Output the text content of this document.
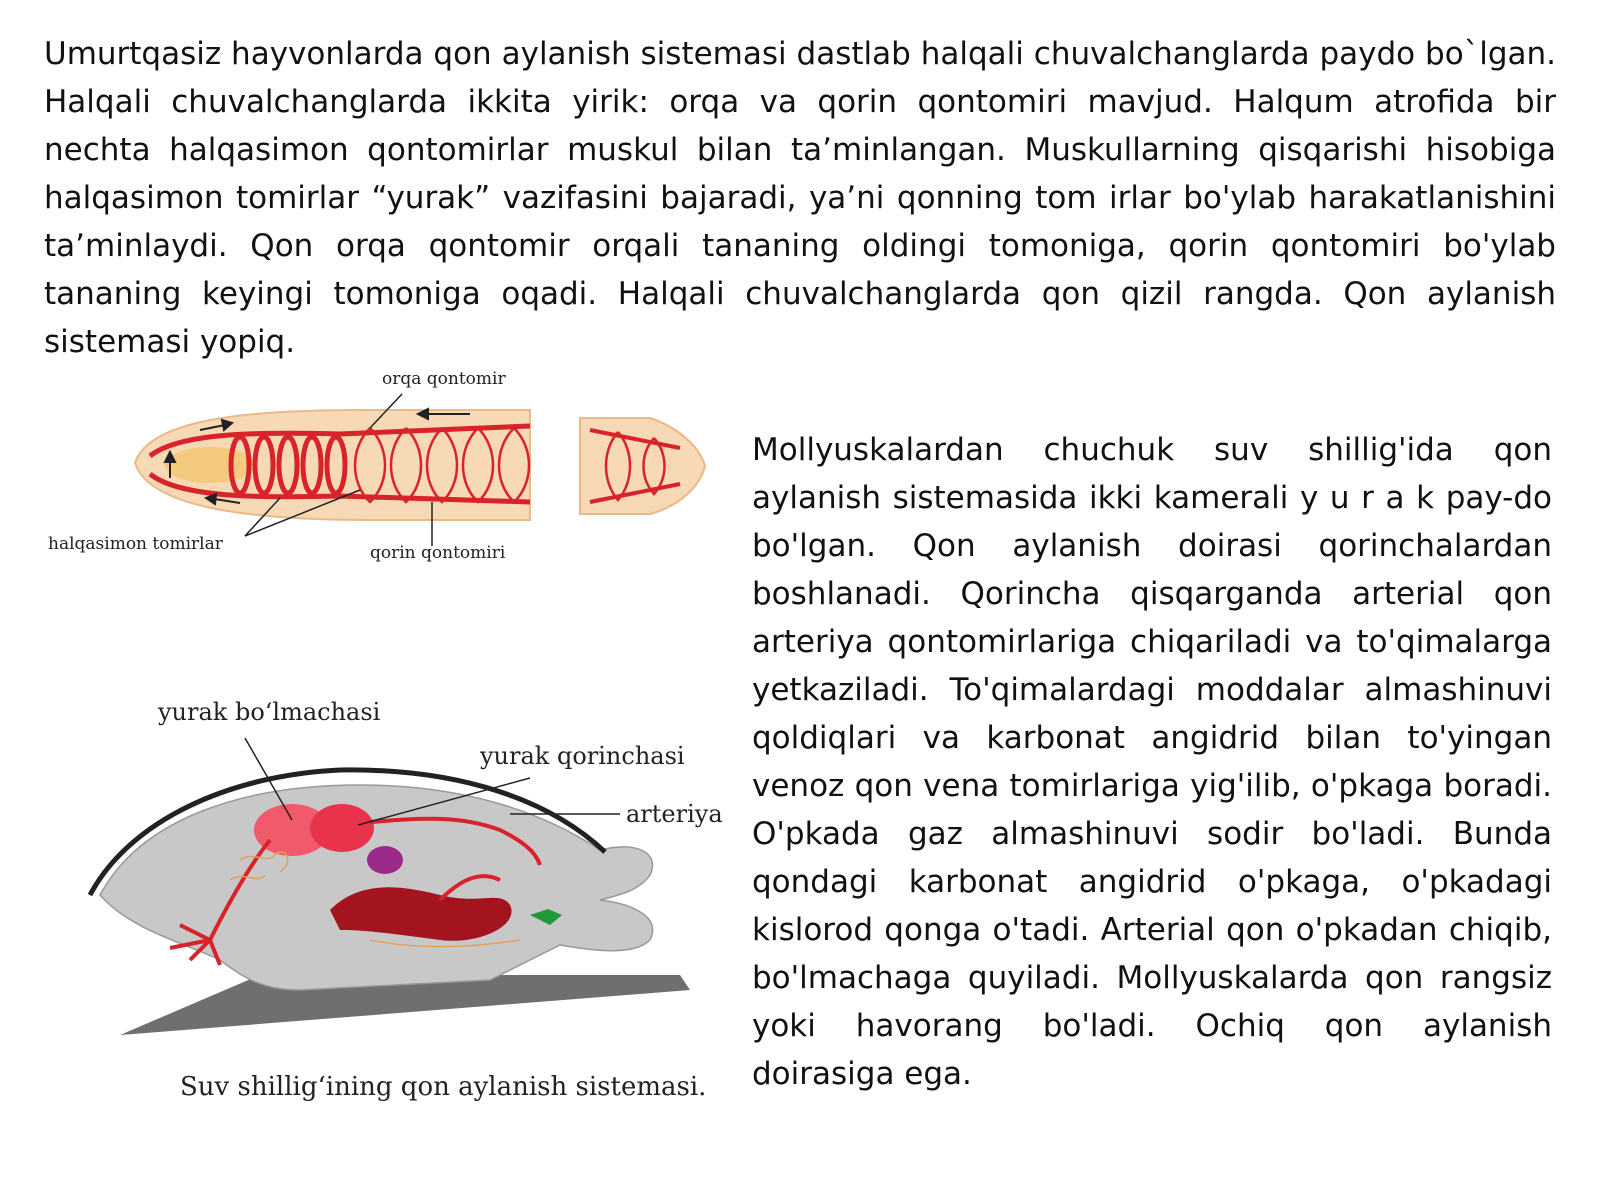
Umurtqasiz hayvonlarda qon aylanish sistemasi dastlab halqali chuvalchanglarda paydo bo`lgan. Halqali chuvalchanglarda ikkita yirik: orqa va qorin qontomiri mavjud. Halqum atrofida bir nechta halqasimon qontomirlar muskul bilan ta’minlangan. Muskullarning qisqarishi hisobiga halqasimon tomirlar “yurak” vazifasini bajaradi, ya’ni qonning tom irlar bo'ylab harakatlanishini ta’minlaydi. Qon orqa qontomir orqali tananing oldingi tomoniga, qorin qontomiri bo'ylab tananing keyingi tomoniga oqadi. Halqali chuvalchanglarda qon qizil rangda. Qon aylanish sistemasi yopiq.

orqa qontomir
halqasimon tomirlar	qorin qontomiri
yurak bo‘lmachasi
yurak qorinchasi
arteriya
Suv shillig‘ining qon aylanish sistemasi.

Mollyuskalardan chuchuk suv shillig'ida qon aylanish sistemasida ikki kamerali y u r a k pay-do bo'lgan. Qon aylanish doirasi qorinchalardan boshlanadi. Qorincha qisqarganda arterial qon arteriya qontomirlariga chiqariladi va to'qimalarga yetkaziladi. To'qimalardagi moddalar almashinuvi qoldiqlari va karbonat angidrid bilan to'yingan venoz qon vena tomirlariga yig'ilib, o'pkaga boradi. O'pkada gaz almashinuvi sodir bo'ladi. Bunda qondagi karbonat angidrid o'pkaga, o'pkadagi kislorod qonga o'tadi. Arterial qon o'pkadan chiqib, bo'lmachaga quyiladi. Mollyuskalarda qon rangsiz yoki havorang bo'ladi. Ochiq qon aylanish doirasiga ega.
